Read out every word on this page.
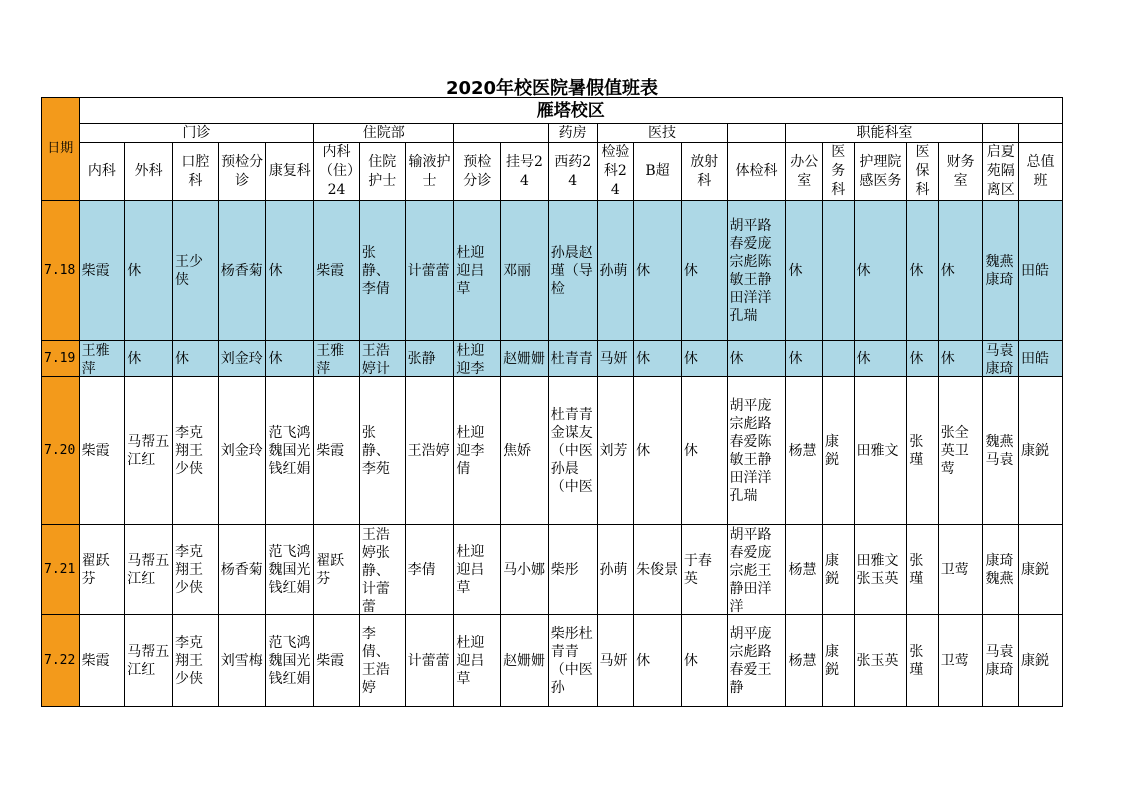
2020年校医院暑假值班表
日期	雁塔校区																					
	门诊					住院部					药房	医技				职能科室						
	内科	外科	口腔科	预检分诊	康复科	内科（住）24	住院护士	输液护士	预检分诊	挂号24	西药24	检验科24	B超	放射科	体检科	办公室	医务科	护理院感医务	医保科	财务室	启夏苑隔离区	总值班
7.18	柴霞	休	王少侠	杨香菊	休	柴霞	张静、李倩	计蕾蕾	杜迎迎吕草	邓丽	孙晨赵瑾（导检	孙萌	休	休	胡平路春爱庞宗彪陈敏王静田洋洋孔瑞	休		休	休	休	魏燕康琦	田皓

7.19	王雅萍	休	休	刘金玲	休	王雅萍	王浩婷计	张静	杜迎迎李	赵姗姗	杜青青	马妍	休	休	休	休		休	休	休	马袁康琦	田皓

7.20	柴霞	马帮五江红	李克翔王少侠	刘金玲	范飞鸿魏国光钱红娟	柴霞	张静、李苑	王浩婷	杜迎迎李倩	焦娇	杜青青金谋友（中医孙晨（中医	刘芳	休	休	胡平庞宗彪路春爱陈敏王静田洋洋孔瑞	杨慧	康鋭	田雅文	张瑾	张全英卫莺	魏燕马袁	康鋭

7.21	翟跃芬	马帮五江红	李克翔王少侠	杨香菊	范飞鸿魏国光钱红娟	翟跃芬	王浩婷张静、计蕾蕾	李倩	杜迎迎吕草	马小娜	柴彤	孙萌	朱俊景	于春英	胡平路春爱庞宗彪王静田洋洋	杨慧	康鋭	田雅文张玉英	张瑾	卫莺	康琦魏燕	康鋭

7.22	柴霞	马帮五江红	李克翔王少侠	刘雪梅	范飞鸿魏国光钱红娟	柴霞	李倩、王浩婷	计蕾蕾	杜迎迎吕草	赵姗姗	柴彤杜青青（中医孙	马妍	休	休	胡平庞宗彪路春爱王静	杨慧	康鋭	张玉英	张瑾	卫莺	马袁康琦	康鋭
